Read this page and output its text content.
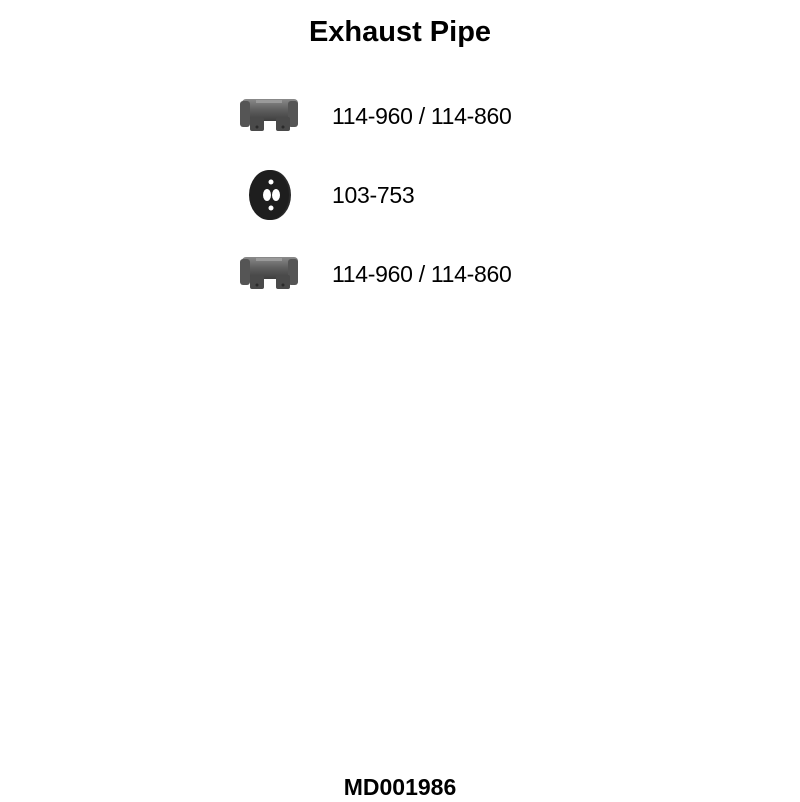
Exhaust Pipe
114-960 / 114-860
103-753
114-960 / 114-860
MD001986
